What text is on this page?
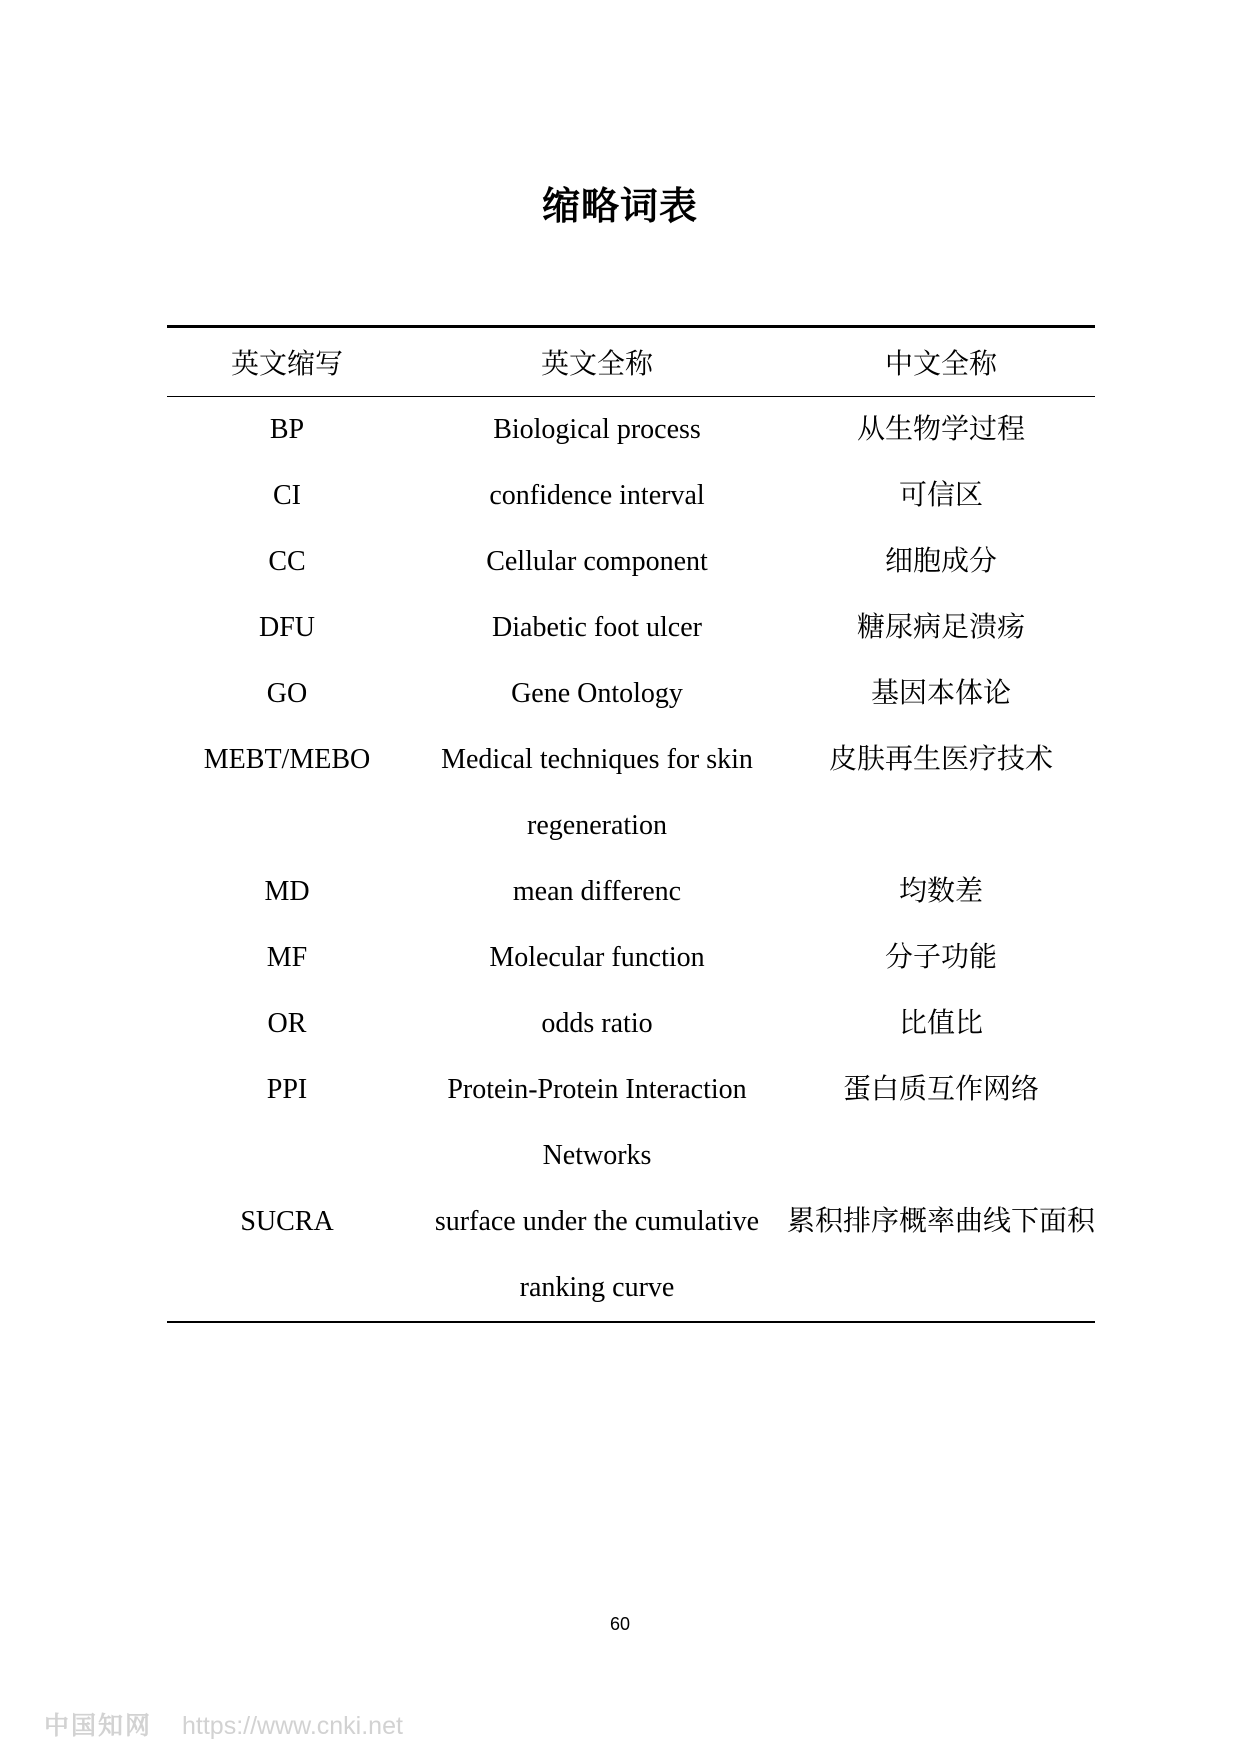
缩略词表
英文缩写	英文全称	中文全称
BP	Biological process	从生物学过程
CI	confidence interval	可信区
CC	Cellular component	细胞成分
DFU	Diabetic foot ulcer	糖尿病足溃疡
GO	Gene Ontology	基因本体论
MEBT/MEBO	Medical techniques for skin regeneration	皮肤再生医疗技术
MD	mean differenc	均数差
MF	Molecular function	分子功能
OR	odds ratio	比值比
PPI	Protein-Protein Interaction Networks	蛋白质互作网络
SUCRA	surface under the cumulative ranking curve	累积排序概率曲线下面积
60
中国知网 https://www.cnki.net
